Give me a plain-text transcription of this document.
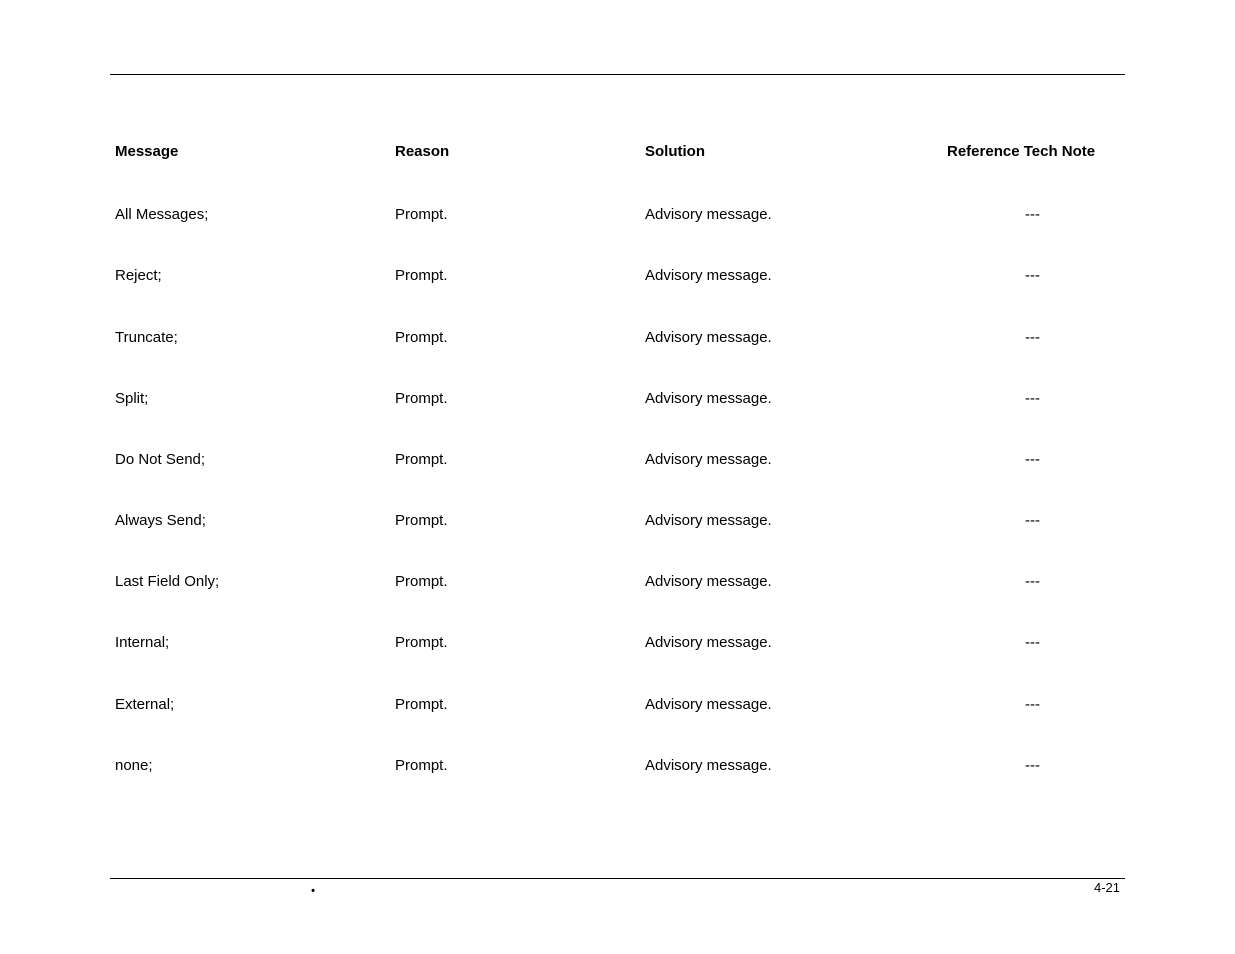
Message	Reason	Solution	Reference Tech Note
All Messages;	Prompt.	Advisory message.	---
Reject;	Prompt.	Advisory message.	---
Truncate;	Prompt.	Advisory message.	---
Split;	Prompt.	Advisory message.	---
Do Not Send;	Prompt.	Advisory message.	---
Always Send;	Prompt.	Advisory message.	---
Last Field Only;	Prompt.	Advisory message.	---
Internal;	Prompt.	Advisory message.	---
External;	Prompt.	Advisory message.	---
none;	Prompt.	Advisory message.	---
•	4-21
